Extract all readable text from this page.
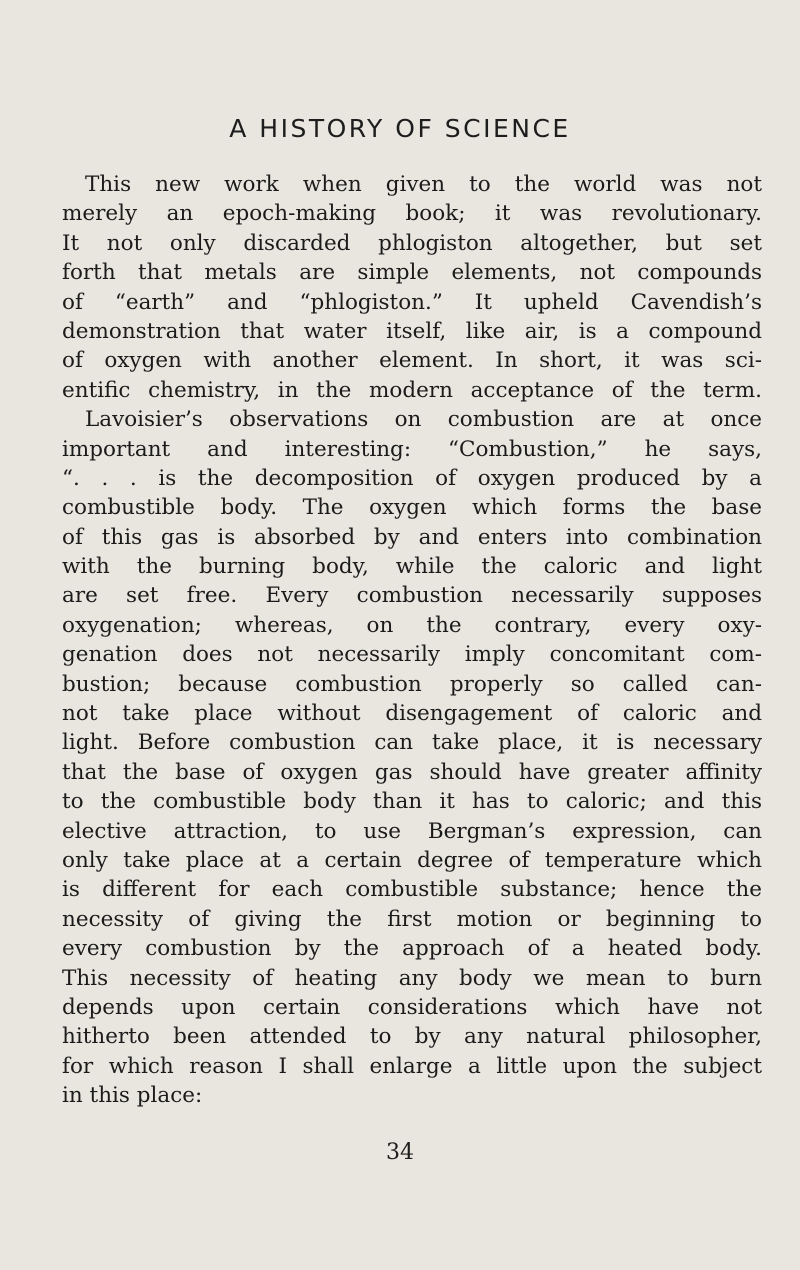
A HISTORY OF SCIENCE
This new work when given to the world was not
merely an epoch-making book; it was revolutionary.
It not only discarded phlogiston altogether, but set
forth that metals are simple elements, not compounds
of “earth” and “phlogiston.” It upheld Cavendish’s
demonstration that water itself, like air, is a compound
of oxygen with another element. In short, it was sci-
entific chemistry, in the modern acceptance of the term.
Lavoisier’s observations on combustion are at once
important and interesting: “Combustion,” he says,
“. . . is the decomposition of oxygen produced by a
combustible body. The oxygen which forms the base
of this gas is absorbed by and enters into combination
with the burning body, while the caloric and light
are set free. Every combustion necessarily supposes
oxygenation; whereas, on the contrary, every oxy-
genation does not necessarily imply concomitant com-
bustion; because combustion properly so called can-
not take place without disengagement of caloric and
light. Before combustion can take place, it is necessary
that the base of oxygen gas should have greater affinity
to the combustible body than it has to caloric; and this
elective attraction, to use Bergman’s expression, can
only take place at a certain degree of temperature which
is different for each combustible substance; hence the
necessity of giving the first motion or beginning to
every combustion by the approach of a heated body.
This necessity of heating any body we mean to burn
depends upon certain considerations which have not
hitherto been attended to by any natural philosopher,
for which reason I shall enlarge a little upon the subject
in this place:
34
